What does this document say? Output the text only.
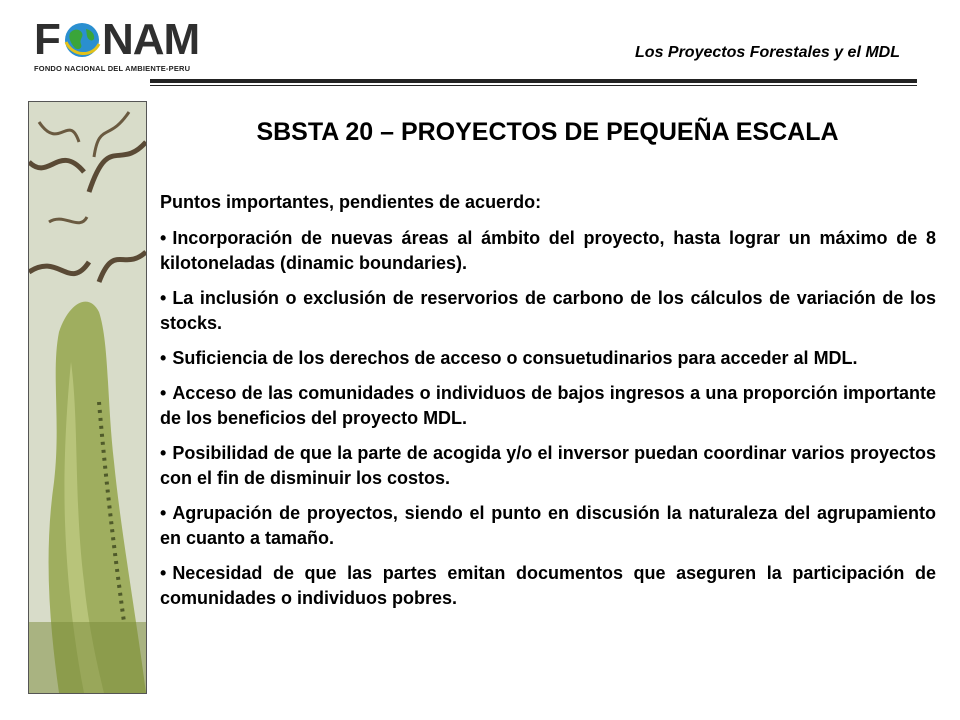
F NAM
FONDO NACIONAL DEL AMBIENTE-PERU
Los Proyectos Forestales y el MDL
SBSTA 20 – PROYECTOS DE PEQUEÑA ESCALA
Puntos importantes, pendientes de acuerdo:
• Incorporación de nuevas áreas al ámbito del proyecto, hasta lograr un máximo de 8 kilotoneladas (dinamic boundaries).
• La inclusión o exclusión de reservorios de carbono de los cálculos de variación de los stocks.
• Suficiencia de los derechos de acceso o consuetudinarios para acceder al MDL.
• Acceso de las comunidades o individuos de bajos ingresos a una proporción importante de los beneficios del proyecto MDL.
• Posibilidad de que la parte de acogida y/o el inversor puedan coordinar varios proyectos con el fin de disminuir los costos.
• Agrupación de proyectos, siendo el punto en discusión la naturaleza del agrupamiento en cuanto a tamaño.
• Necesidad de que las partes emitan documentos que aseguren la participación de comunidades o individuos pobres.
